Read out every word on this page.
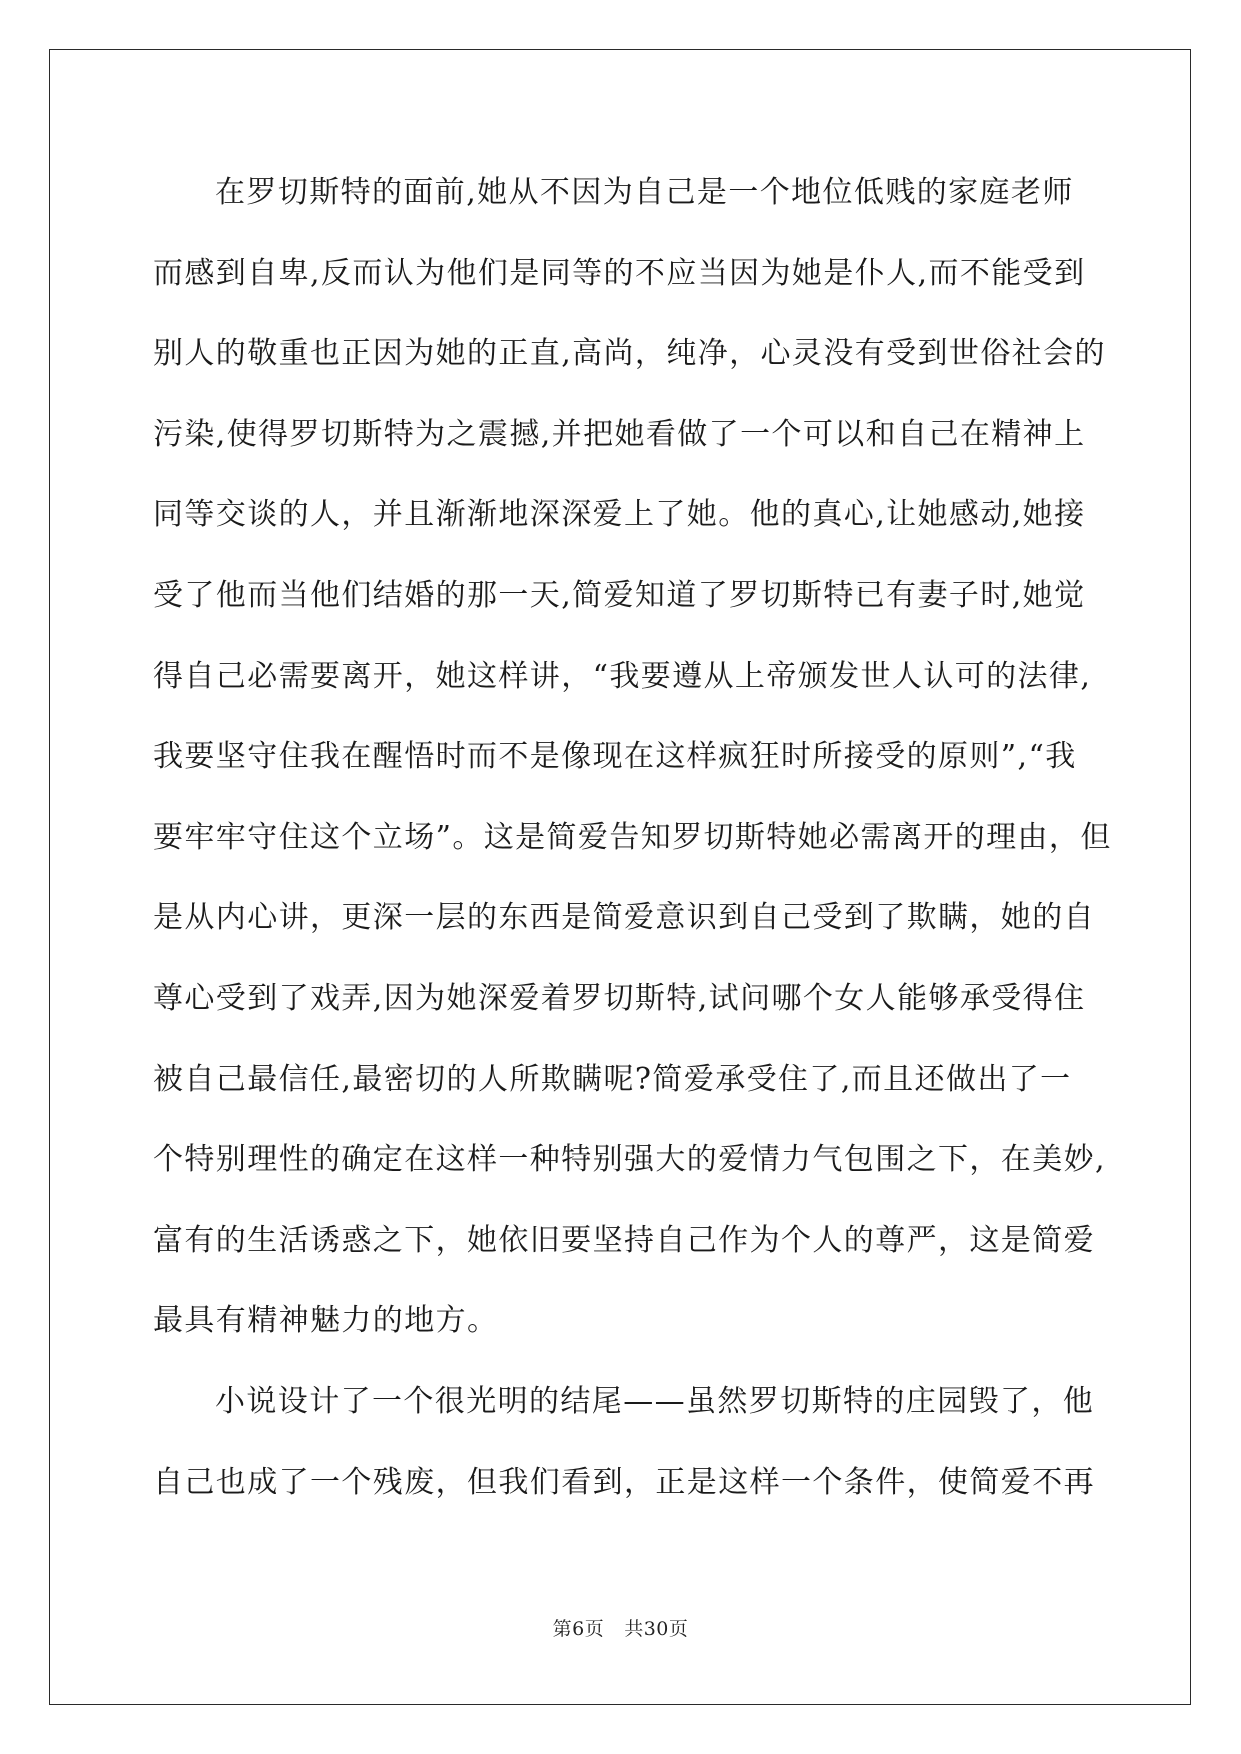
在罗切斯特的面前,她从不因为自己是一个地位低贱的家庭老师
而感到自卑,反而认为他们是同等的不应当因为她是仆人,而不能受到
别人的敬重也正因为她的正直,高尚，纯净，心灵没有受到世俗社会的
污染,使得罗切斯特为之震撼,并把她看做了一个可以和自己在精神上
同等交谈的人，并且渐渐地深深爱上了她。他的真心,让她感动,她接
受了他而当他们结婚的那一天,简爱知道了罗切斯特已有妻子时,她觉
得自己必需要离开，她这样讲，“我要遵从上帝颁发世人认可的法律,
我要坚守住我在醒悟时而不是像现在这样疯狂时所接受的原则”,“我
要牢牢守住这个立场”。这是简爱告知罗切斯特她必需离开的理由，但
是从内心讲，更深一层的东西是简爱意识到自己受到了欺瞒，她的自
尊心受到了戏弄,因为她深爱着罗切斯特,试问哪个女人能够承受得住
被自己最信任,最密切的人所欺瞒呢?简爱承受住了,而且还做出了一
个特别理性的确定在这样一种特别强大的爱情力气包围之下，在美妙,
富有的生活诱惑之下，她依旧要坚持自己作为个人的尊严，这是简爱
最具有精神魅力的地方。
小说设计了一个很光明的结尾——虽然罗切斯特的庄园毁了，他
自己也成了一个残废，但我们看到，正是这样一个条件，使简爱不再
第6页 共30页
